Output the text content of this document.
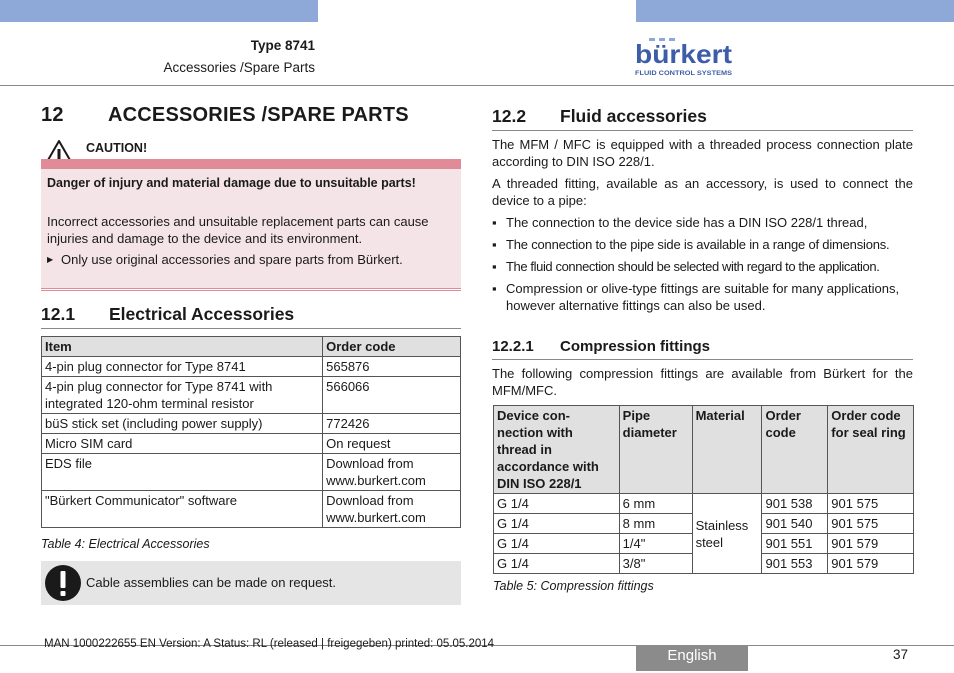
Type 8741
Accessories /Spare Parts	bürkert
FLUID CONTROL SYSTEMS
12 ACCESSORIES /SPARE PARTS
CAUTION!
Danger of injury and material damage due to unsuitable parts!
Incorrect accessories and unsuitable replacement parts can cause injuries and damage to the device and its environment.
▶ Only use original accessories and spare parts from Bürkert.
12.1 Electrical Accessories
Item	Order code
4-pin plug connector for Type 8741	565876
4-pin plug connector for Type 8741 with integrated 120-ohm terminal resistor	566066
büS stick set (including power supply)	772426
Micro SIM card	On request
EDS file	Download from www.burkert.com
"Bürkert Communicator" software	Download from www.burkert.com
Table 4: Electrical Accessories
Cable assemblies can be made on request.
12.2 Fluid accessories
The MFM / MFC is equipped with a threaded process connection plate according to DIN ISO 228/1.
A threaded fitting, available as an accessory, is used to connect the device to a pipe:
▪ The connection to the device side has a DIN ISO 228/1 thread,
▪ The connection to the pipe side is available in a range of dimensions.
▪ The fluid connection should be selected with regard to the application.
▪ Compression or olive-type fittings are suitable for many applications, however alternative fittings can also be used.
12.2.1 Compression fittings
The following compression fittings are available from Bürkert for the MFM/MFC.
Device con-nection with thread in accordance with DIN ISO 228/1	Pipe diameter	Material	Order code	Order code for seal ring
G 1/4	6 mm	Stainless steel	901 538	901 575
G 1/4	8 mm		901 540	901 575
G 1/4	1/4"		901 551	901 579
G 1/4	3/8"		901 553	901 579
Table 5: Compression fittings
MAN 1000222655 EN Version: A Status: RL (released | freigegeben) printed: 05.05.2014
English	37
